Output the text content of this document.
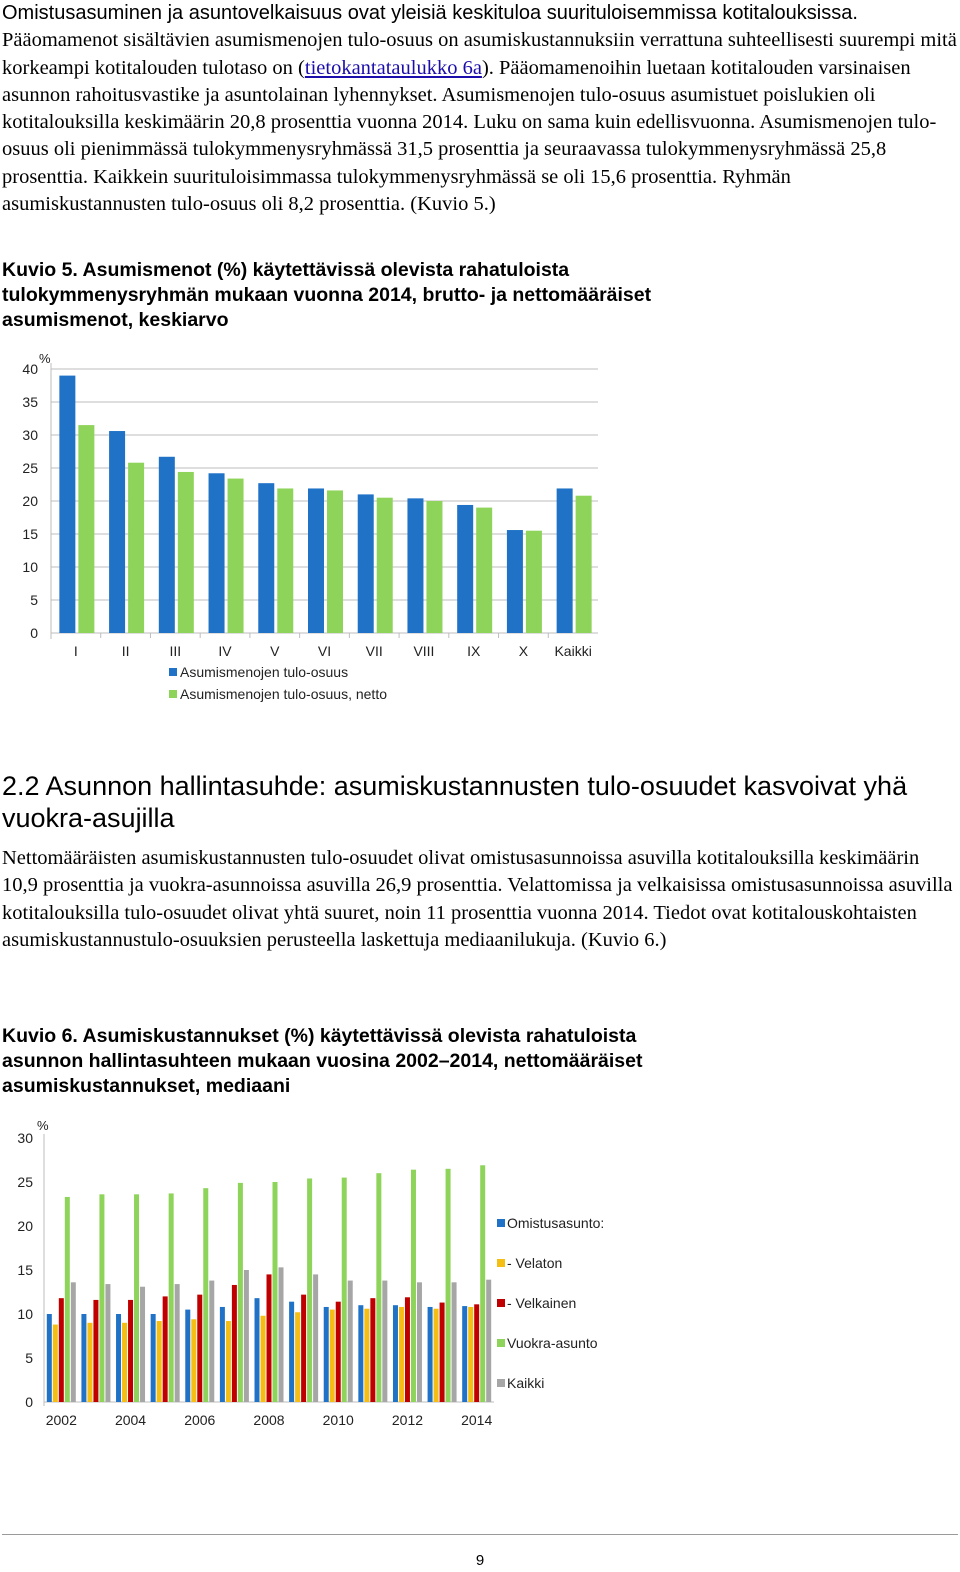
Omistusasuminen ja asuntovelkaisuus ovat yleisiä keskituloa suurituloisemmissa kotitalouksissa.
Pääomamenot sisältävien asumismenojen tulo-osuus on asumiskustannuksiin verrattuna suhteellisesti suurempi mitä korkeampi kotitalouden tulotaso on (tietokantataulukko 6a). Pääomamenoihin luetaan kotitalouden varsinaisen asunnon rahoitusvastike ja asuntolainan lyhennykset. Asumismenojen tulo-osuus asumistuet poislukien oli kotitalouksilla keskimäärin 20,8 prosenttia vuonna 2014. Luku on sama kuin edellisvuonna. Asumismenojen tulo-osuus oli pienimmässä tulokymmenysryhmässä 31,5 prosenttia ja seuraavassa tulokymmenysryhmässä 25,8 prosenttia. Kaikkein suurituloisimmassa tulokymmenysryhmässä se oli 15,6 prosenttia. Ryhmän asumiskustannusten tulo-osuus oli 8,2 prosenttia. (Kuvio 5.)
Kuvio 5. Asumismenot (%) käytettävissä olevista rahatuloista tulokymmenysryhmän mukaan vuonna 2014, brutto- ja nettomääräiset asumismenot, keskiarvo
%
0
5
10
15
20
25
30
35
40
I	II	III	IV	V	VI VII VIII IX	X Kaikki
Asumismenojen tulo-osuus
Asumismenojen tulo-osuus, netto
2.2 Asunnon hallintasuhde: asumiskustannusten tulo-osuudet kasvoivat yhä vuokra-asujilla
Nettomääräisten asumiskustannusten tulo-osuudet olivat omistusasunnoissa asuvilla kotitalouksilla keskimäärin 10,9 prosenttia ja vuokra-asunnoissa asuvilla 26,9 prosenttia. Velattomissa ja velkaisissa omistusasunnoissa asuvilla kotitalouksilla tulo-osuudet olivat yhtä suuret, noin 11 prosenttia vuonna 2014. Tiedot ovat kotitalouskohtaisten asumiskustannustulo-osuuksien perusteella laskettuja mediaanilukuja. (Kuvio 6.)
Kuvio 6. Asumiskustannukset (%) käytettävissä olevista rahatuloista asunnon hallintasuhteen mukaan vuosina 2002–2014, nettomääräiset asumiskustannukset, mediaani
%
0
5
10
15
20
25
30
2002	2004	2006	2008	2010	2012	2014
Omistusasunto:
- Velaton
- Velkainen
Vuokra-asunto
Kaikki
9
